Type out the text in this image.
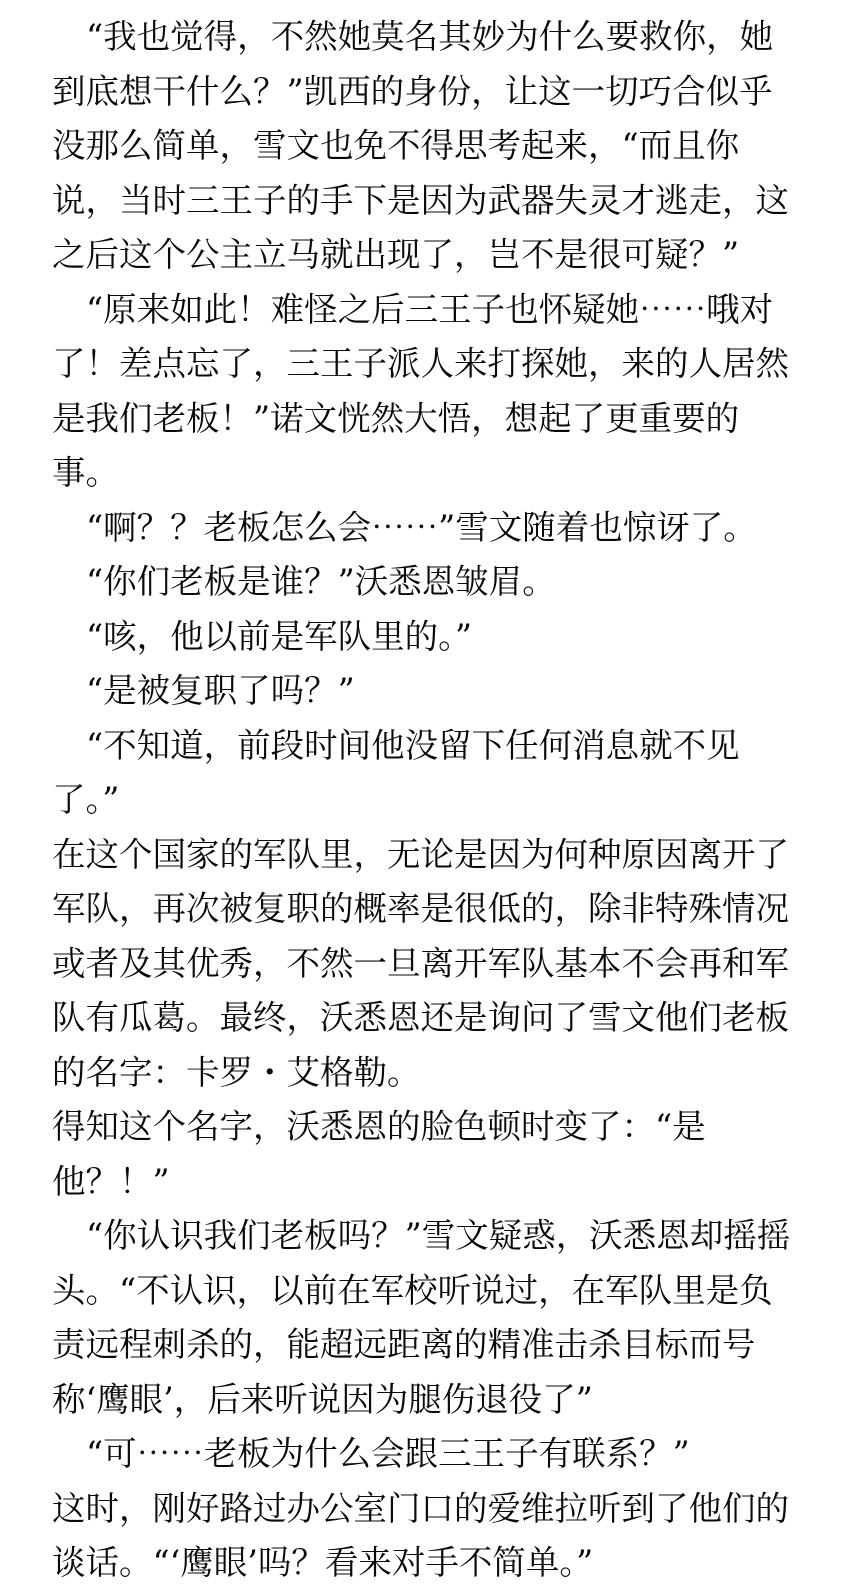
“我也觉得，不然她莫名其妙为什么要救你，她到底想干什么？”凯西的身份，让这一切巧合似乎没那么简单，雪文也免不得思考起来，“而且你说，当时三王子的手下是因为武器失灵才逃走，这之后这个公主立马就出现了，岂不是很可疑？”

“原来如此！难怪之后三王子也怀疑她⋯⋯哦对了！差点忘了，三王子派人来打探她，来的人居然是我们老板！”诺文恍然大悟，想起了更重要的事。

“啊？？老板怎么会⋯⋯”雪文随着也惊讶了。

“你们老板是谁？”沃悉恩皱眉。

“咳，他以前是军队里的。”

“是被复职了吗？”

“不知道，前段时间他没留下任何消息就不见了。”

在这个国家的军队里，无论是因为何种原因离开了军队，再次被复职的概率是很低的，除非特殊情况或者及其优秀，不然一旦离开军队基本不会再和军队有瓜葛。最终，沃悉恩还是询问了雪文他们老板的名字：卡罗・艾格勒。

得知这个名字，沃悉恩的脸色顿时变了：“是他？！”

“你认识我们老板吗？”雪文疑惑，沃悉恩却摇摇头。“不认识，以前在军校听说过，在军队里是负责远程刺杀的，能超远距离的精准击杀目标而号称‘鹰眼’，后来听说因为腿伤退役了”

“可⋯⋯老板为什么会跟三王子有联系？”

这时，刚好路过办公室门口的爱维拉听到了他们的谈话。“‘鹰眼’吗？看来对手不简单。”
